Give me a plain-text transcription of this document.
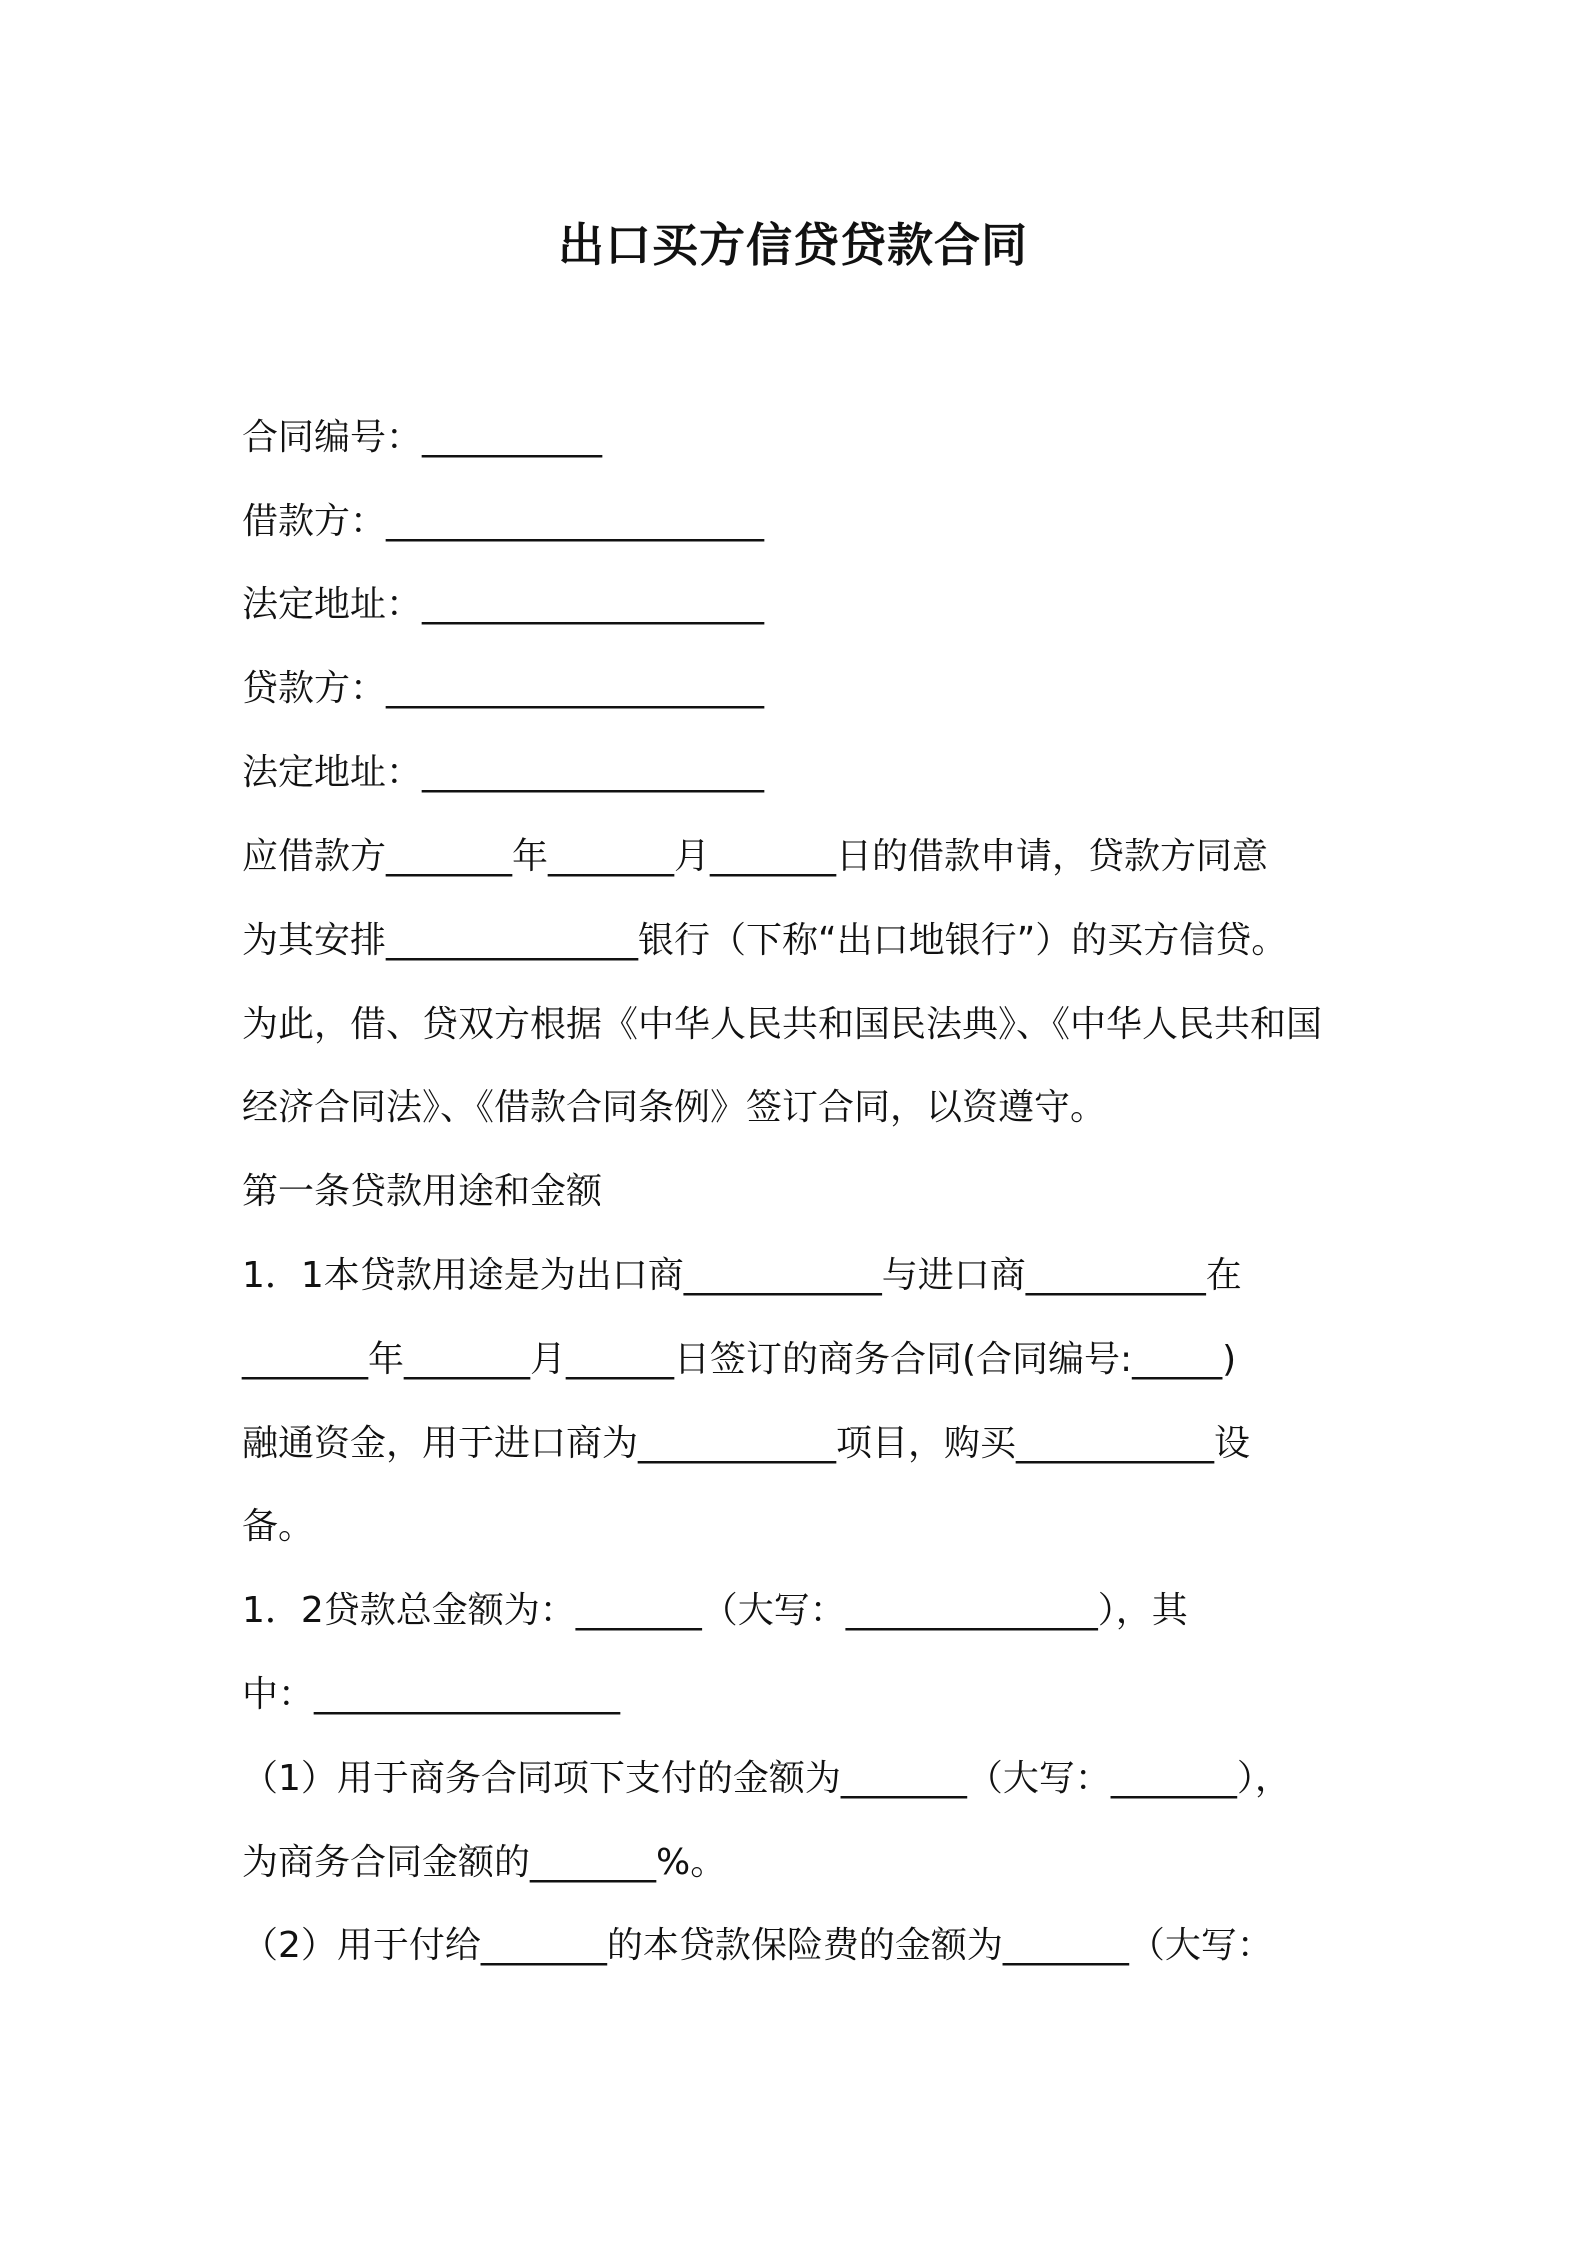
出口买方信贷贷款合同

合同编号：__________

借款方：_____________________

法定地址：___________________

贷款方：_____________________

法定地址：___________________

应借款方_______年_______月_______日的借款申请，贷款方同意

为其安排______________银行（下称“出口地银行”）的买方信贷。

为此，借、贷双方根据《中华人民共和国民法典》、《中华人民共和国

经济合同法》、《借款合同条例》签订合同，以资遵守。

第一条贷款用途和金额

1．1本贷款用途是为出口商___________与进口商__________在

_______年_______月______日签订的商务合同(合同编号:_____)

融通资金，用于进口商为___________项目，购买___________设

备。

1．2贷款总金额为：_______（大写：______________），其

中：_________________

（1）用于商务合同项下支付的金额为_______（大写：_______），

为商务合同金额的_______%。

（2）用于付给_______的本贷款保险费的金额为_______（大写：
